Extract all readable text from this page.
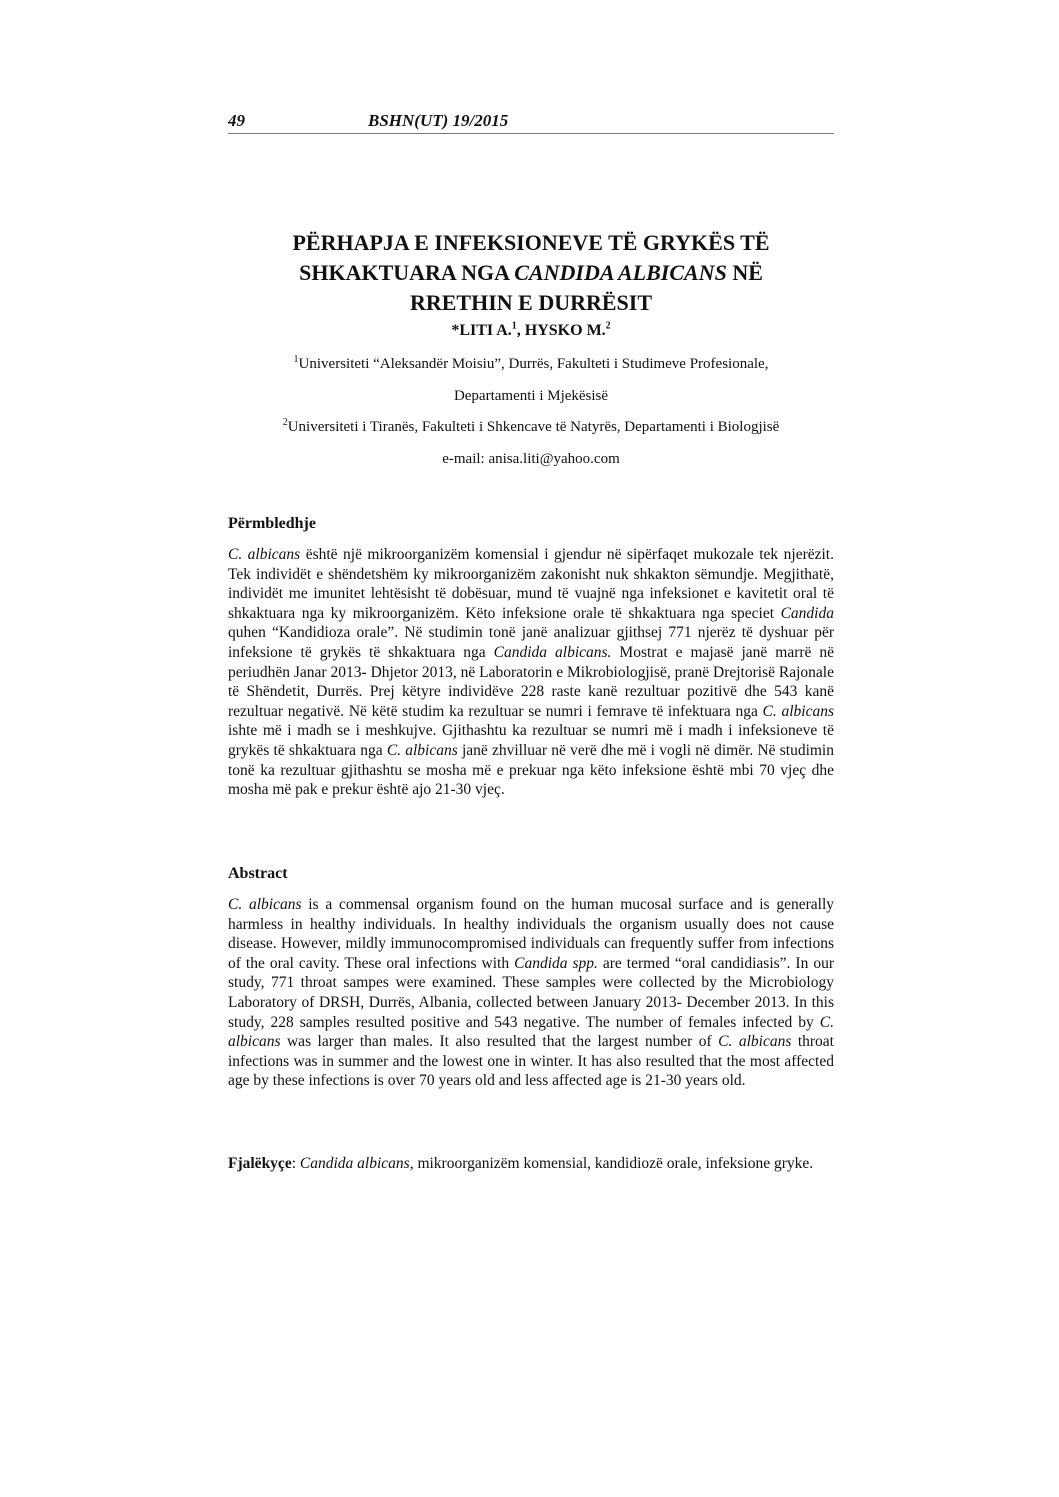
49	BSHN(UT) 19/2015
PËRHAPJA E INFEKSIONEVE TË GRYKËS TË
SHKAKTUARA NGA CANDIDA ALBICANS NË
RRETHIN E DURRËSIT
*LITI A.$^1$, HYSKO M.$^2$
$^1$Universiteti “Aleksandër Moisiu”, Durrës, Fakulteti i Studimeve Profesionale,
Departamenti i Mjekësisë
$^2$Universiteti i Tiranës, Fakulteti i Shkencave të Natyrës, Departamenti i Biologjisë
e-mail: anisa.liti@yahoo.com
Përmbledhje
C. albicans është një mikroorganizëm komensial i gjendur në sipërfaqet mukozale tek njerëzit. Tek individët e shëndetshëm ky mikroorganizëm zakonisht nuk shkakton sëmundje. Megjithatë, individët me imunitet lehtësisht të dobësuar, mund të vuajnë nga infeksionet e kavitetit oral të shkaktuara nga ky mikroorganizëm. Këto infeksione orale të shkaktuara nga speciet Candida quhen “Kandidioza orale”. Në studimin tonë janë analizuar gjithsej 771 njerëz të dyshuar për infeksione të grykës të shkaktuara nga Candida albicans. Mostrat e majasë janë marrë në periudhën Janar 2013- Dhjetor 2013, në Laboratorin e Mikrobiologjisë, pranë Drejtorisë Rajonale të Shëndetit, Durrës. Prej këtyre individëve 228 raste kanë rezultuar pozitivë dhe 543 kanë rezultuar negativë. Në këtë studim ka rezultuar se numri i femrave të infektuara nga C. albicans ishte më i madh se i meshkujve. Gjithashtu ka rezultuar se numri më i madh i infeksioneve të grykës të shkaktuara nga C. albicans janë zhvilluar në verë dhe më i vogli në dimër. Në studimin tonë ka rezultuar gjithashtu se mosha më e prekuar nga këto infeksione është mbi 70 vjeç dhe mosha më pak e prekur është ajo 21-30 vjeç.
Abstract
C. albicans is a commensal organism found on the human mucosal surface and is generally harmless in healthy individuals. In healthy individuals the organism usually does not cause disease. However, mildly immunocompromised individuals can frequently suffer from infections of the oral cavity. These oral infections with Candida spp. are termed “oral candidiasis”. In our study, 771 throat sampes were examined. These samples were collected by the Microbiology Laboratory of DRSH, Durrës, Albania, collected between January 2013- December 2013. In this study, 228 samples resulted positive and 543 negative. The number of females infected by C. albicans was larger than males. It also resulted that the largest number of C. albicans throat infections was in summer and the lowest one in winter. It has also resulted that the most affected age by these infections is over 70 years old and less affected age is 21-30 years old.
Fjalëkyçe: Candida albicans, mikroorganizëm komensial, kandidiozë orale, infeksione gryke.
